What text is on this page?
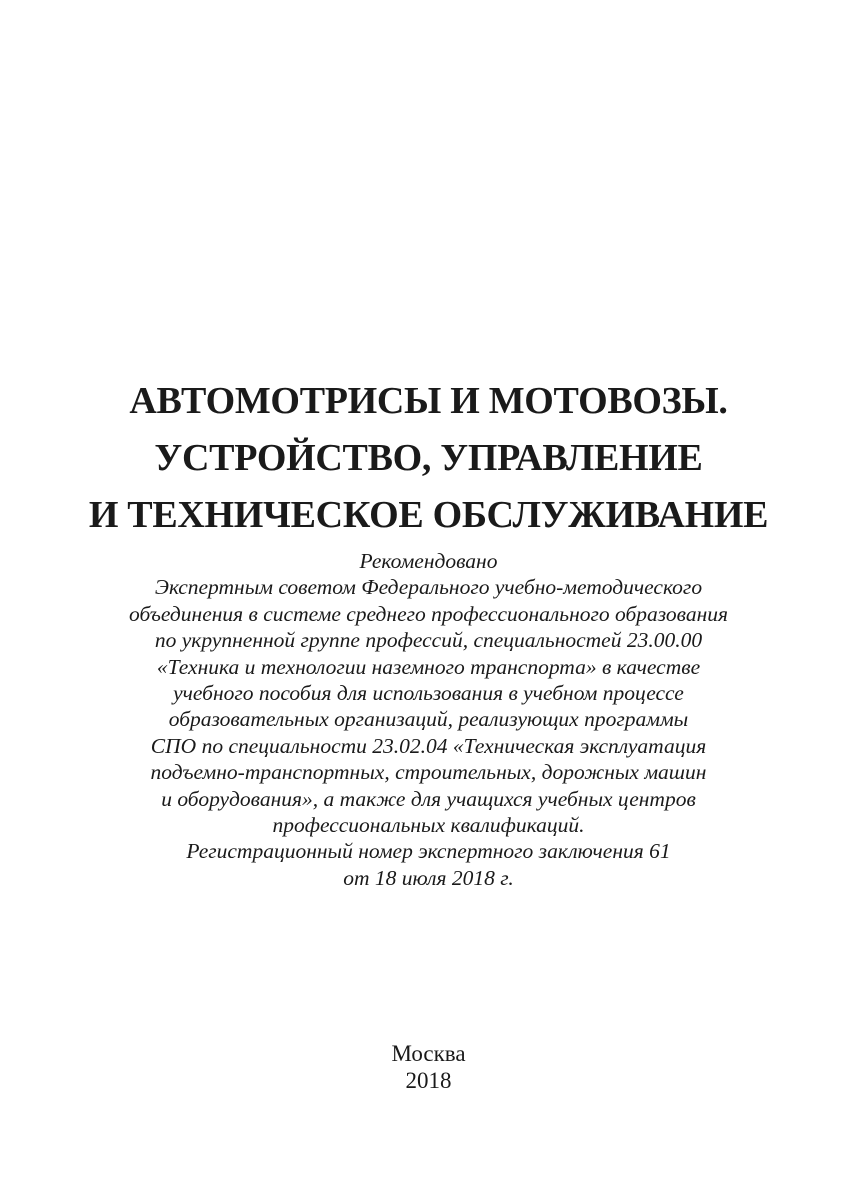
АВТОМОТРИСЫ И МОТОВОЗЫ.
УСТРОЙСТВО, УПРАВЛЕНИЕ
И ТЕХНИЧЕСКОЕ ОБСЛУЖИВАНИЕ
Рекомендовано
Экспертным советом Федерального учебно-методического
объединения в системе среднего профессионального образования
по укрупненной группе профессий, специальностей 23.00.00
«Техника и технологии наземного транспорта» в качестве
учебного пособия для использования в учебном процессе
образовательных организаций, реализующих программы
СПО по специальности 23.02.04 «Техническая эксплуатация
подъемно-транспортных, строительных, дорожных машин
и оборудования», а также для учащихся учебных центров
профессиональных квалификаций.
Регистрационный номер экспертного заключения 61
от 18 июля 2018 г.
Москва
2018
